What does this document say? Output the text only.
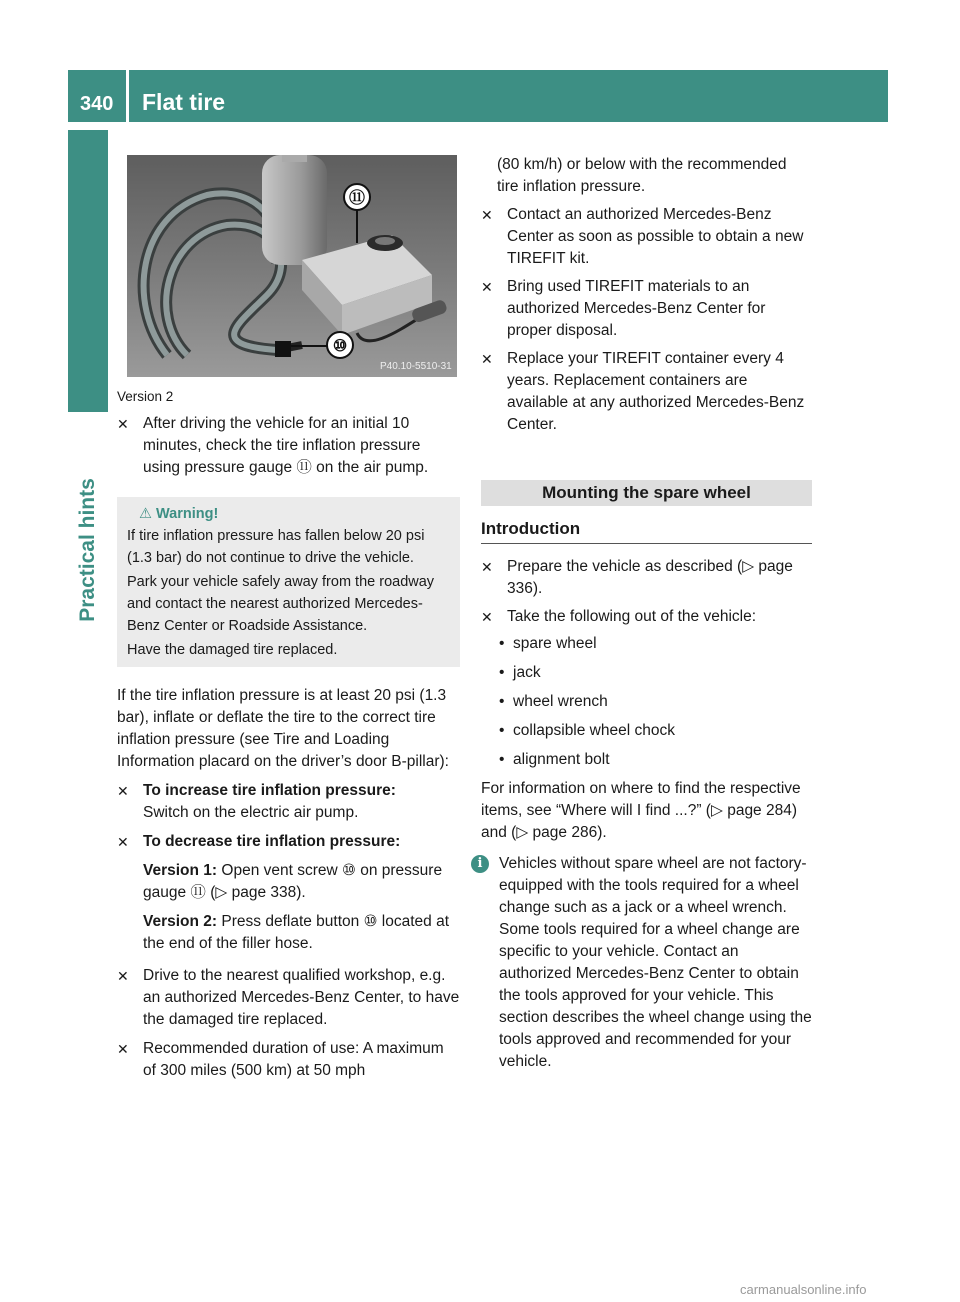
340 Flat tire
Practical hints
⑪
⑩
P40.10-5510-31

Version 2

✕ After driving the vehicle for an initial 10 minutes, check the tire inflation pressure using pressure gauge ⑪ on the air pump.
⚠ Warning!

If tire inflation pressure has fallen below 20 psi (1.3 bar) do not continue to drive the vehicle.

Park your vehicle safely away from the roadway and contact the nearest authorized Mercedes-Benz Center or Roadside Assistance.

Have the damaged tire replaced.

If the tire inflation pressure is at least 20 psi (1.3 bar), inflate or deflate the tire to the correct tire inflation pressure (see Tire and Loading Information placard on the driver’s door B-pillar):

✕ To increase tire inflation pressure:
Switch on the electric air pump.
✕ To decrease tire inflation pressure:

Version 1: Open vent screw ⑩ on pressure gauge ⑪ (▷ page 338).

Version 2: Press deflate button ⑩ located at the end of the filler hose.

✕ Drive to the nearest qualified workshop, e.g. an authorized Mercedes-Benz Center, to have the damaged tire replaced.
✕ Recommended duration of use: A maximum of 300 miles (500 km) at 50 mph

(80 km/h) or below with the recommended tire inflation pressure.

✕ Contact an authorized Mercedes-Benz Center as soon as possible to obtain a new TIREFIT kit.
✕ Bring used TIREFIT materials to an authorized Mercedes-Benz Center for proper disposal.
✕ Replace your TIREFIT container every 4 years. Replacement containers are available at any authorized Mercedes-Benz Center.
Mounting the spare wheel
Introduction
✕ Prepare the vehicle as described (▷ page 336).
✕ Take the following out of the vehicle:
• spare wheel
• jack
• wheel wrench
• collapsible wheel chock
• alignment bolt

For information on where to find the respective items, see “Where will I find ...?” (▷ page 284) and (▷ page 286).

i	Vehicles without spare wheel are not factory-equipped with the tools required for a wheel change such as a jack or a wheel wrench. Some tools required for a wheel change are specific to your vehicle. Contact an authorized Mercedes-Benz Center to obtain the tools approved for your vehicle. This section describes the wheel change using the tools approved and recommended for your vehicle.
carmanualsonline.info
